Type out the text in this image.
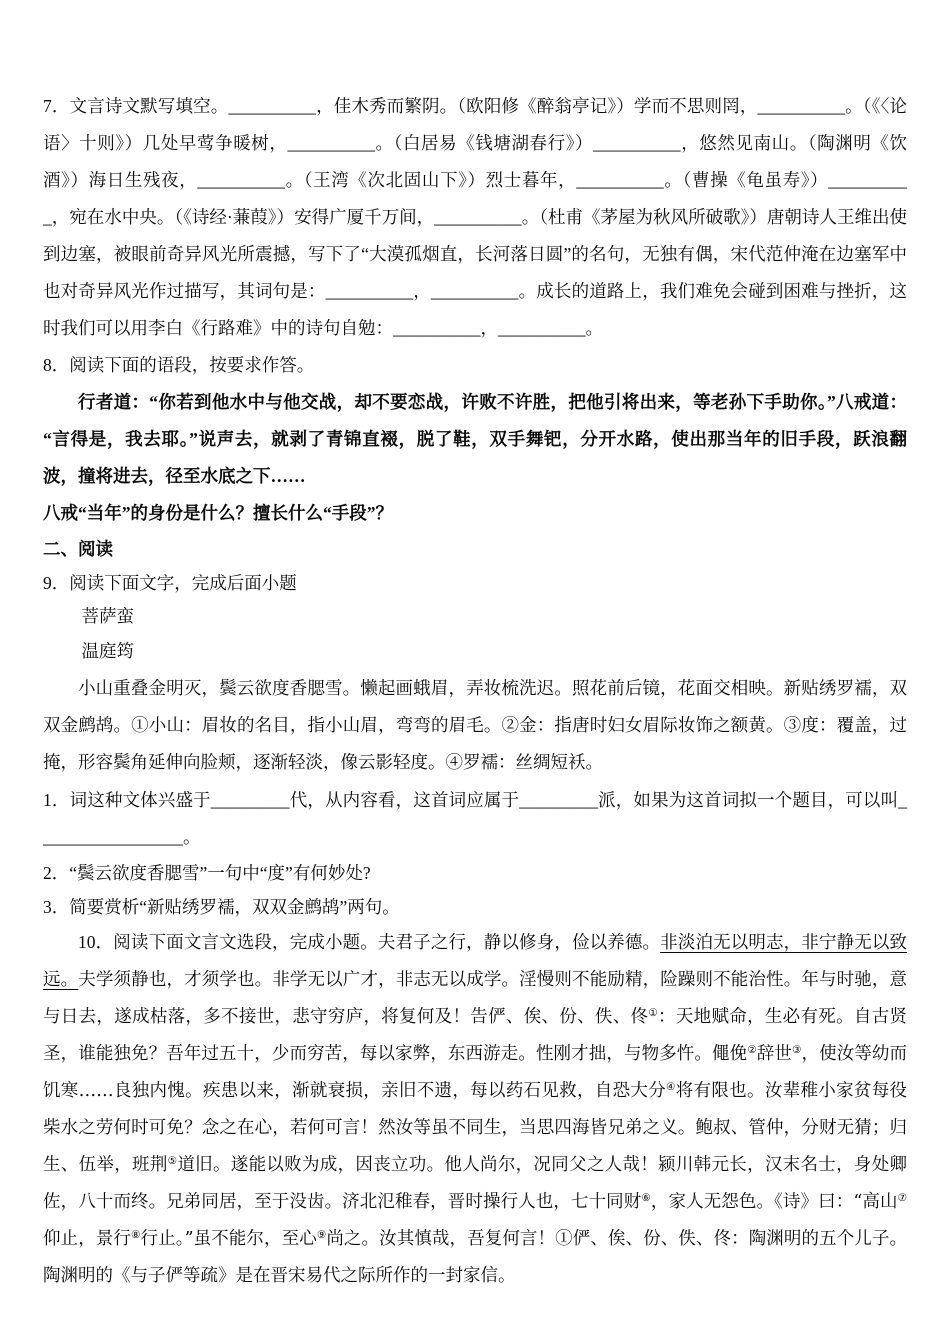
7．文言诗文默写填空。__________，佳木秀而繁阴。（欧阳修《醉翁亭记》）学而不思则罔，__________。（《〈论语〉十则》）几处早莺争暖树，__________。（白居易《钱塘湖春行》）__________，悠然见南山。（陶渊明《饮酒》）海日生残夜，__________。（王湾《次北固山下》）烈士暮年，__________。（曹操《龟虽寿》）__________，宛在水中央。（《诗经·蒹葭》）安得广厦千万间，__________。（杜甫《茅屋为秋风所破歌》）唐朝诗人王维出使到边塞，被眼前奇异风光所震撼，写下了“大漠孤烟直，长河落日圆”的名句，无独有偶，宋代范仲淹在边塞军中也对奇异风光作过描写，其词句是：__________，__________。成长的道路上，我们难免会碰到困难与挫折，这时我们可以用李白《行路难》中的诗句自勉：__________，__________。

8．阅读下面的语段，按要求作答。

行者道：“你若到他水中与他交战，却不要恋战，许败不许胜，把他引将出来，等老孙下手助你。”八戒道：“言得是，我去耶。”说声去，就剥了青锦直裰，脱了鞋，双手舞钯，分开水路，使出那当年的旧手段，跃浪翻波，撞将进去，径至水底之下……

八戒“当年”的身份是什么？擅长什么“手段”？

二、阅读

9．阅读下面文字，完成后面小题

菩萨蛮

温庭筠

小山重叠金明灭，鬓云欲度香腮雪。懒起画蛾眉，弄妆梳洗迟。照花前后镜，花面交相映。新贴绣罗襦，双双金鹧鸪。①小山：眉妆的名目，指小山眉，弯弯的眉毛。②金：指唐时妇女眉际妆饰之额黄。③度：覆盖，过掩，形容鬓角延伸向脸颊，逐渐轻淡，像云影轻度。④罗襦：丝绸短袄。

1．词这种文体兴盛于_________代，从内容看，这首词应属于_________派，如果为这首词拟一个题目，可以叫_________________。

2．“鬓云欲度香腮雪”一句中“度”有何妙处?

3．简要赏析“新贴绣罗襦，双双金鹧鸪”两句。

10．阅读下面文言文选段，完成小题。夫君子之行，静以修身，俭以养德。非淡泊无以明志，非宁静无以致远。夫学须静也，才须学也。非学无以广才，非志无以成学。淫慢则不能励精，险躁则不能治性。年与时驰，意与日去，遂成枯落，多不接世，悲守穷庐，将复何及！告俨、俟、份、佚、佟①：天地赋命，生必有死。自古贤圣，谁能独免？吾年过五十，少而穷苦，每以家弊，东西游走。性刚才拙，与物多忤。僶俛②辞世③，使汝等幼而饥寒……良独内愧。疾患以来，渐就衰损，亲旧不遗，每以药石见救，自恐大分④将有限也。汝辈稚小家贫每役柴水之劳何时可免？念之在心，若何可言！然汝等虽不同生，当思四海皆兄弟之义。鲍叔、管仲，分财无猜；归生、伍举，班荆⑤道旧。遂能以败为成，因丧立功。他人尚尔，况同父之人哉！颍川韩元长，汉末名士，身处卿佐，八十而终。兄弟同居，至于没齿。济北氾稚春，晋时操行人也，七十同财⑥，家人无怨色。《诗》曰：“高山⑦仰止，景行⑧行止。”虽不能尔，至心⑨尚之。汝其慎哉，吾复何言！①俨、俟、份、佚、佟：陶渊明的五个儿子。陶渊明的《与子俨等疏》是在晋宋易代之际所作的一封家信。
